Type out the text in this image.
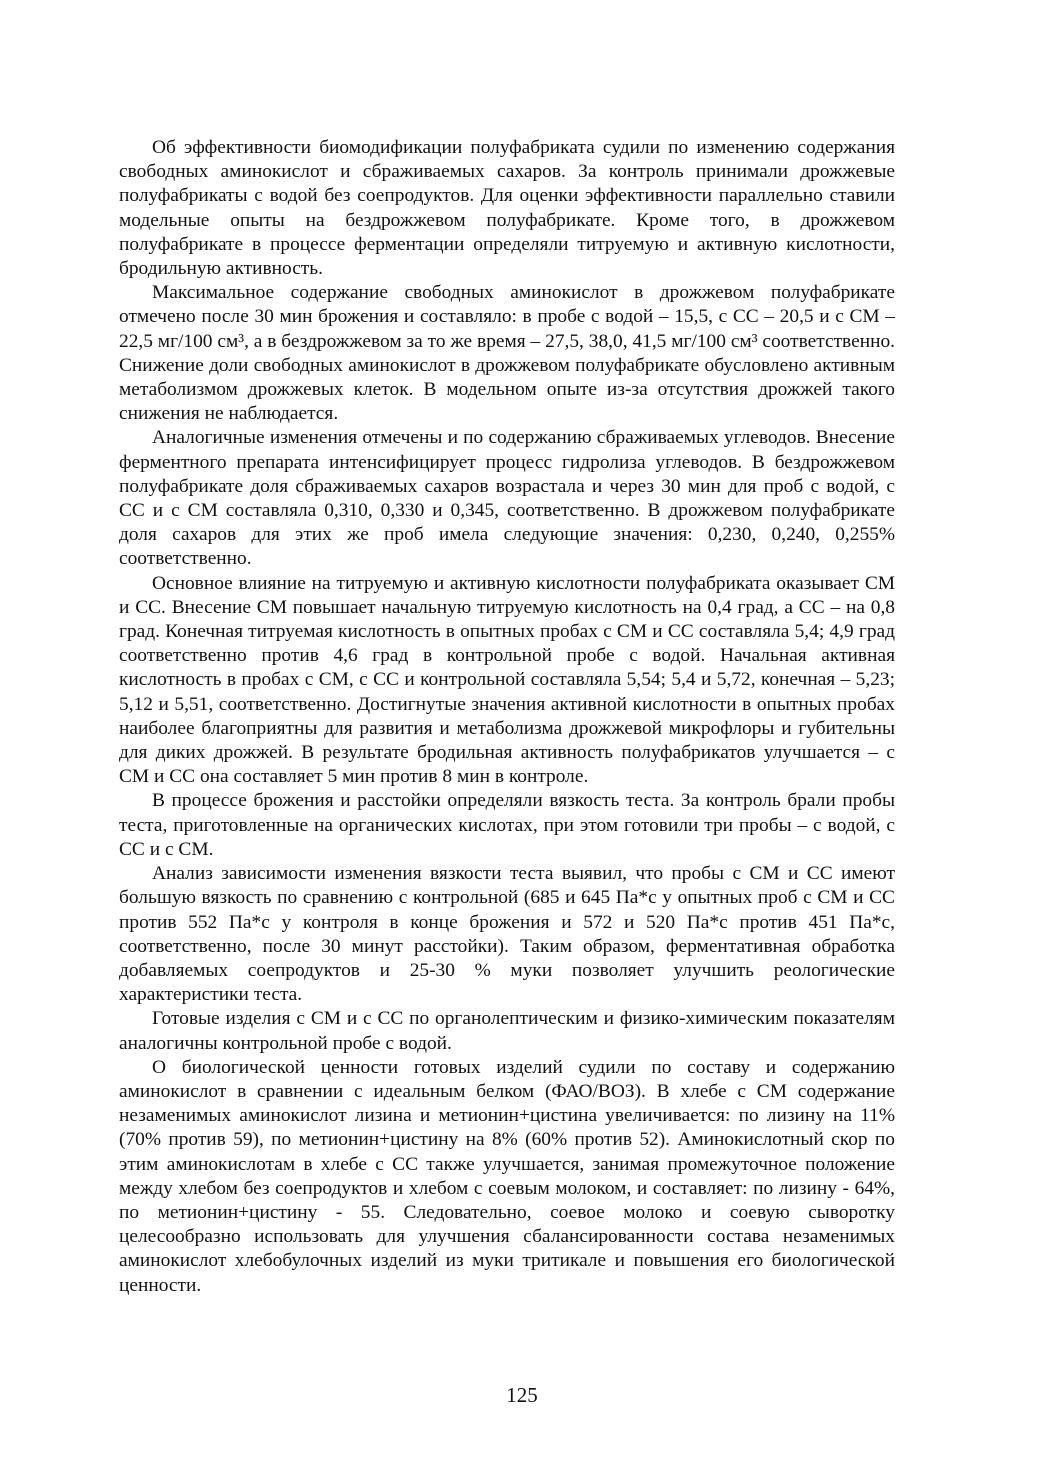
Об эффективности биомодификации полуфабриката судили по изменению содержания свободных аминокислот и сбраживаемых сахаров. За контроль принимали дрожжевые полуфабрикаты с водой без соепродуктов. Для оценки эффективности параллельно ставили модельные опыты на бездрожжевом полуфабрикате. Кроме того, в дрожжевом полуфабрикате в процессе ферментации определяли титруемую и активную кислотности, бродильную активность.

Максимальное содержание свободных аминокислот в дрожжевом полуфабрикате отмечено после 30 мин брожения и составляло: в пробе с водой – 15,5, с СС – 20,5 и с СМ – 22,5 мг/100 см³, а в бездрожжевом за то же время – 27,5, 38,0, 41,5 мг/100 см³ соответственно. Снижение доли свободных аминокислот в дрожжевом полуфабрикате обусловлено активным метаболизмом дрожжевых клеток. В модельном опыте из-за отсутствия дрожжей такого снижения не наблюдается.

Аналогичные изменения отмечены и по содержанию сбраживаемых углеводов. Внесение ферментного препарата интенсифицирует процесс гидролиза углеводов. В бездрожжевом полуфабрикате доля сбраживаемых сахаров возрастала и через 30 мин для проб с водой, с СС и с СМ составляла 0,310, 0,330 и 0,345, соответственно. В дрожжевом полуфабрикате доля сахаров для этих же проб имела следующие значения: 0,230, 0,240, 0,255% соответственно.

Основное влияние на титруемую и активную кислотности полуфабриката оказывает СМ и СС. Внесение СМ повышает начальную титруемую кислотность на 0,4 град, а СС – на 0,8 град. Конечная титруемая кислотность в опытных пробах с СМ и СС составляла 5,4; 4,9 град соответственно против 4,6 град в контрольной пробе с водой. Начальная активная кислотность в пробах с СМ, с СС и контрольной составляла 5,54; 5,4 и 5,72, конечная – 5,23; 5,12 и 5,51, соответственно. Достигнутые значения активной кислотности в опытных пробах наиболее благоприятны для развития и метаболизма дрожжевой микрофлоры и губительны для диких дрожжей. В результате бродильная активность полуфабрикатов улучшается – с СМ и СС она составляет 5 мин против 8 мин в контроле.

В процессе брожения и расстойки определяли вязкость теста. За контроль брали пробы теста, приготовленные на органических кислотах, при этом готовили три пробы – с водой, с СС и с СМ.

Анализ зависимости изменения вязкости теста выявил, что пробы с СМ и СС имеют большую вязкость по сравнению с контрольной (685 и 645 Па*с у опытных проб с СМ и СС против 552 Па*с у контроля в конце брожения и 572 и 520 Па*с против 451 Па*с, соответственно, после 30 минут расстойки). Таким образом, ферментативная обработка добавляемых соепродуктов и 25-30 % муки позволяет улучшить реологические характеристики теста.

Готовые изделия с СМ и с СС по органолептическим и физико-химическим показателям аналогичны контрольной пробе с водой.

О биологической ценности готовых изделий судили по составу и содержанию аминокислот в сравнении с идеальным белком (ФАО/ВОЗ). В хлебе с СМ содержание незаменимых аминокислот лизина и метионин+цистина увеличивается: по лизину на 11% (70% против 59), по метионин+цистину на 8% (60% против 52). Аминокислотный скор по этим аминокислотам в хлебе с СС также улучшается, занимая промежуточное положение между хлебом без соепродуктов и хлебом с соевым молоком, и составляет: по лизину - 64%, по метионин+цистину - 55. Следовательно, соевое молоко и соевую сыворотку целесообразно использовать для улучшения сбалансированности состава незаменимых аминокислот хлебобулочных изделий из муки тритикале и повышения его биологической ценности.

125
